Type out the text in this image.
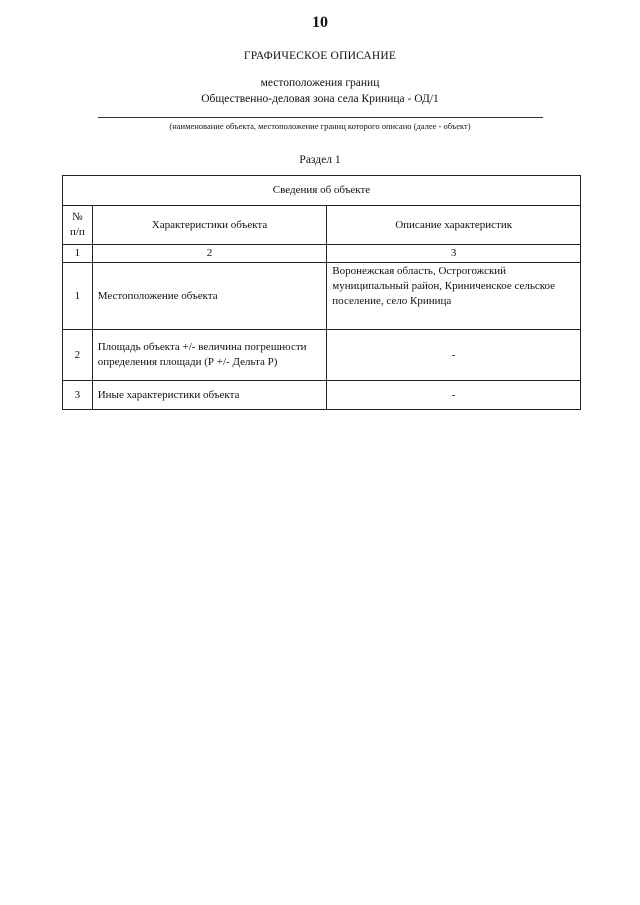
10
ГРАФИЧЕСКОЕ ОПИСАНИЕ
местоположения границ
Общественно-деловая зона села Криница - ОД/1
(наименование объекта, местоположение границ которого описано (далее - объект)
Раздел 1
Сведения об объекте		
№ п/п	Характеристики объекта	Описание характеристик
1	2	3
1	Местоположение объекта	Воронежская область, Острогожский муниципальный район, Криниченское сельское поселение, село Криница
2	Площадь объекта +/- величина погрешности определения площади (Р +/- Дельта Р)	-
3	Иные характеристики объекта	-
